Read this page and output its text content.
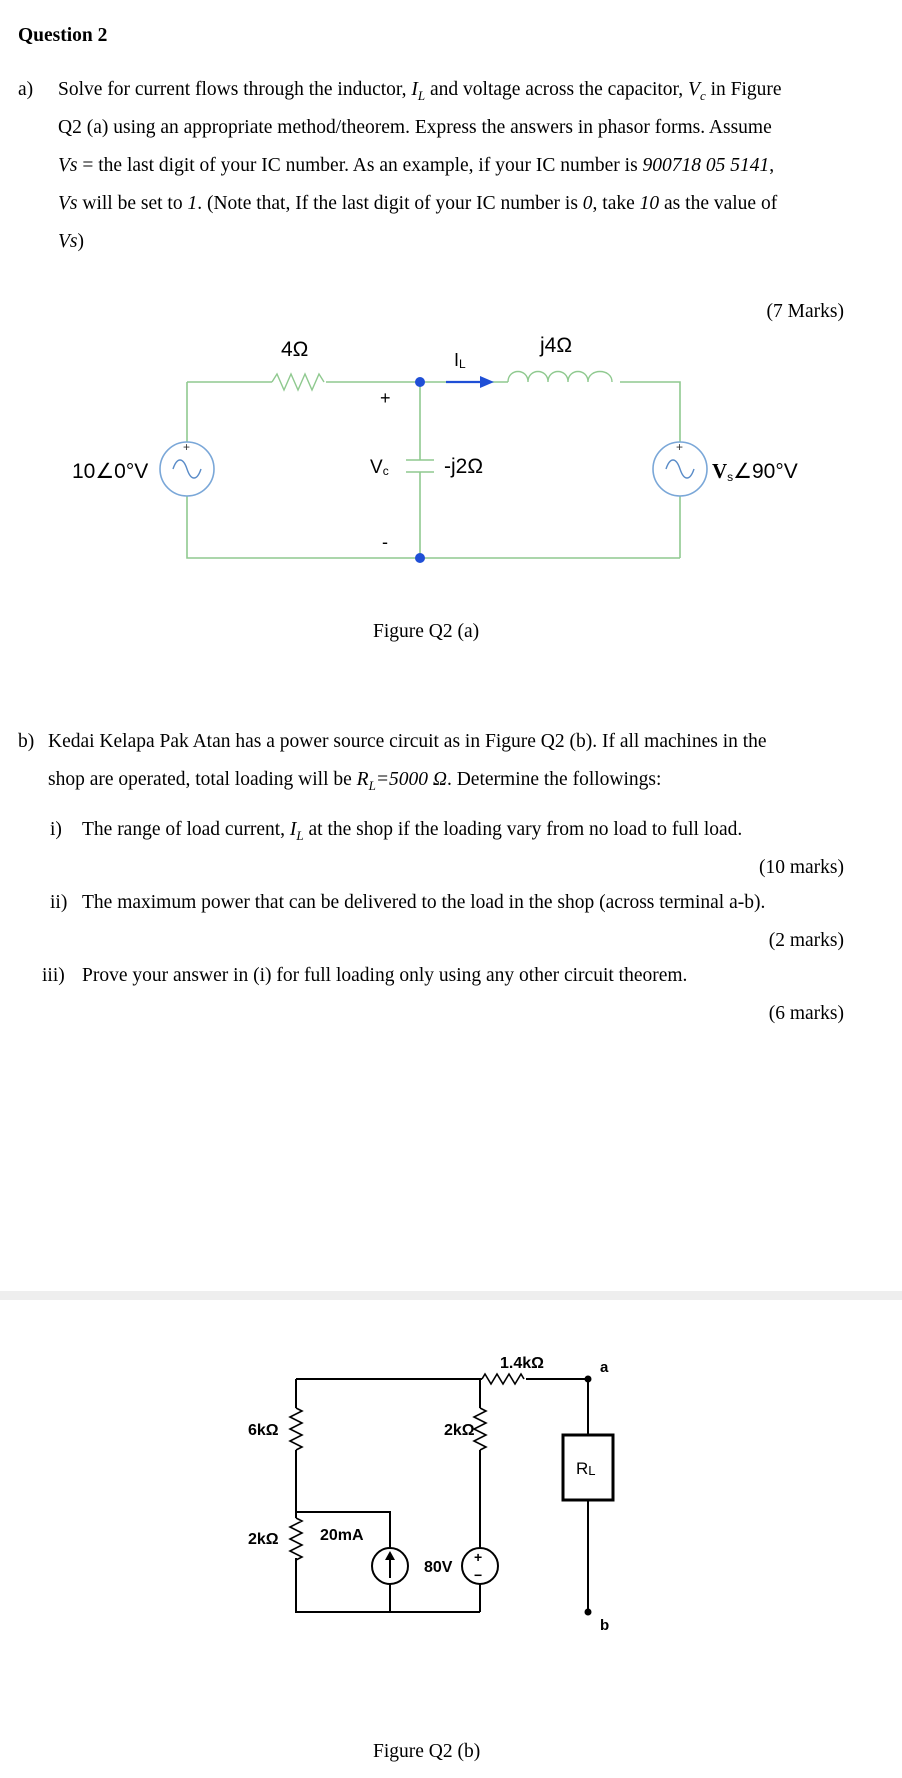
Question 2
a) Solve for current flows through the inductor, $I_L$ and voltage across the capacitor, $V_c$ in Figure
Q2 (a) using an appropriate method/theorem. Express the answers in phasor forms. Assume
Vs = the last digit of your IC number. As an example, if your IC number is 900718 05 5141,
Vs will be set to 1. (Note that, If the last digit of your IC number is 0, take 10 as the value of
Vs)
(7 Marks)
+	+
4Ω	j4Ω
IL
+
-
Vc	-j2Ω
10∠0°V	Vs∠90°V
Figure Q2 (a)
b) Kedai Kelapa Pak Atan has a power source circuit as in Figure Q2 (b). If all machines in the
shop are operated, total loading will be $R_L=5000$ Ω. Determine the followings:
i) The range of load current, $I_L$ at the shop if the loading vary from no load to full load.
(10 marks)
ii) The maximum power that can be delivered to the load in the shop (across terminal a-b).
(2 marks)
iii) Prove your answer in (i) for full loading only using any other circuit theorem.
(6 marks)
+
−
1.4kΩ	a
b
6kΩ
2kΩ
2kΩ
20mA
80V
RL
Figure Q2 (b)
